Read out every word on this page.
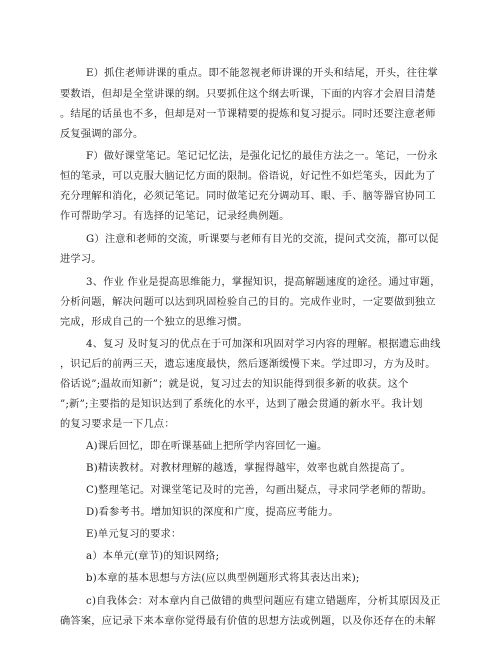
E）抓住老师讲课的重点。即不能忽视老师讲课的开头和结尾，开头，往往掌
要数语，但却是全堂讲课的纲。只要抓住这个纲去听课，下面的内容才会眉目清楚
。结尾的话虽也不多，但却是对一节课精要的提炼和复习提示。同时还要注意老师
反复强调的部分。
F）做好课堂笔记。笔记记忆法，是强化记忆的最佳方法之一。笔记，一份永
恒的笔录，可以克服大脑记忆方面的限制。俗语说，好记性不如烂笔头，因此为了
充分理解和消化，必须记笔记。同时做笔记充分调动耳、眼、手、脑等器官协同工
作可帮助学习。有选择的记笔记，记录经典例题。
G）注意和老师的交流，听课要与老师有目光的交流，提问式交流，都可以促
进学习。
3、作业 作业是提高思维能力，掌握知识，提高解题速度的途径。通过审题，
分析问题，解决问题可以达到巩固检验自己的目的。完成作业时，一定要做到独立
完成，形成自己的一个独立的思维习惯。
4、复习 及时复习的优点在于可加深和巩固对学习内容的理解。根据遗忘曲线
，识记后的前两三天，遗忘速度最快，然后逐渐缓慢下来。学过即习，方为及时。
俗话说”;温故而知新”；就是说，复习过去的知识能得到很多新的收获。这个
”;新”;主要指的是知识达到了系统化的水平，达到了融会贯通的新水平。我计划
的复习要求是一下几点：
A)课后回忆，即在听课基础上把所学内容回忆一遍。
B)精读教材。对教材理解的越透，掌握得越牢，效率也就自然提高了。
C)整理笔记。对课堂笔记及时的完善，勾画出疑点，寻求同学老师的帮助。
D)看参考书。增加知识的深度和广度，提高应考能力。
E)单元复习的要求：
a）本单元(章节)的知识网络;
b)本章的基本思想与方法(应以典型例题形式将其表达出来);
c)自我体会：对本章内自己做错的典型问题应有建立错题库，分析其原因及正
确答案，应记录下来本章你觉得最有价值的思想方法或例题，以及你还存在的未解
